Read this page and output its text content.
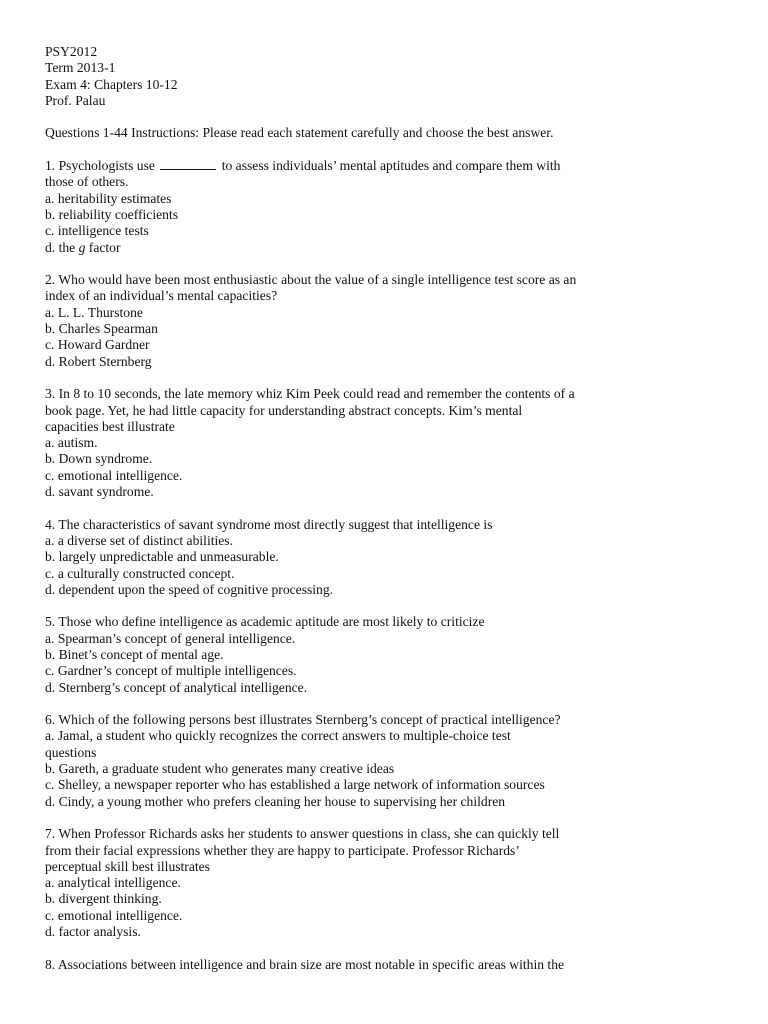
PSY2012
Term 2013-1
Exam 4: Chapters 10-12
Prof. Palau
Questions 1-44 Instructions: Please read each statement carefully and choose the best answer.
1. Psychologists use	to assess individuals’ mental aptitudes and compare them with
those of others.
a. heritability estimates
b. reliability coefficients
c. intelligence tests
d. the g factor
2. Who would have been most enthusiastic about the value of a single intelligence test score as an
index of an individual’s mental capacities?
a. L. L. Thurstone
b. Charles Spearman
c. Howard Gardner
d. Robert Sternberg
3. In 8 to 10 seconds, the late memory whiz Kim Peek could read and remember the contents of a
book page. Yet, he had little capacity for understanding abstract concepts. Kim’s mental
capacities best illustrate
a. autism.
b. Down syndrome.
c. emotional intelligence.
d. savant syndrome.
4. The characteristics of savant syndrome most directly suggest that intelligence is
a. a diverse set of distinct abilities.
b. largely unpredictable and unmeasurable.
c. a culturally constructed concept.
d. dependent upon the speed of cognitive processing.
5. Those who define intelligence as academic aptitude are most likely to criticize
a. Spearman’s concept of general intelligence.
b. Binet’s concept of mental age.
c. Gardner’s concept of multiple intelligences.
d. Sternberg’s concept of analytical intelligence.
6. Which of the following persons best illustrates Sternberg’s concept of practical intelligence?
a. Jamal, a student who quickly recognizes the correct answers to multiple-choice test
questions
b. Gareth, a graduate student who generates many creative ideas
c. Shelley, a newspaper reporter who has established a large network of information sources
d. Cindy, a young mother who prefers cleaning her house to supervising her children
7. When Professor Richards asks her students to answer questions in class, she can quickly tell
from their facial expressions whether they are happy to participate. Professor Richards’
perceptual skill best illustrates
a. analytical intelligence.
b. divergent thinking.
c. emotional intelligence.
d. factor analysis.
8. Associations between intelligence and brain size are most notable in specific areas within the
